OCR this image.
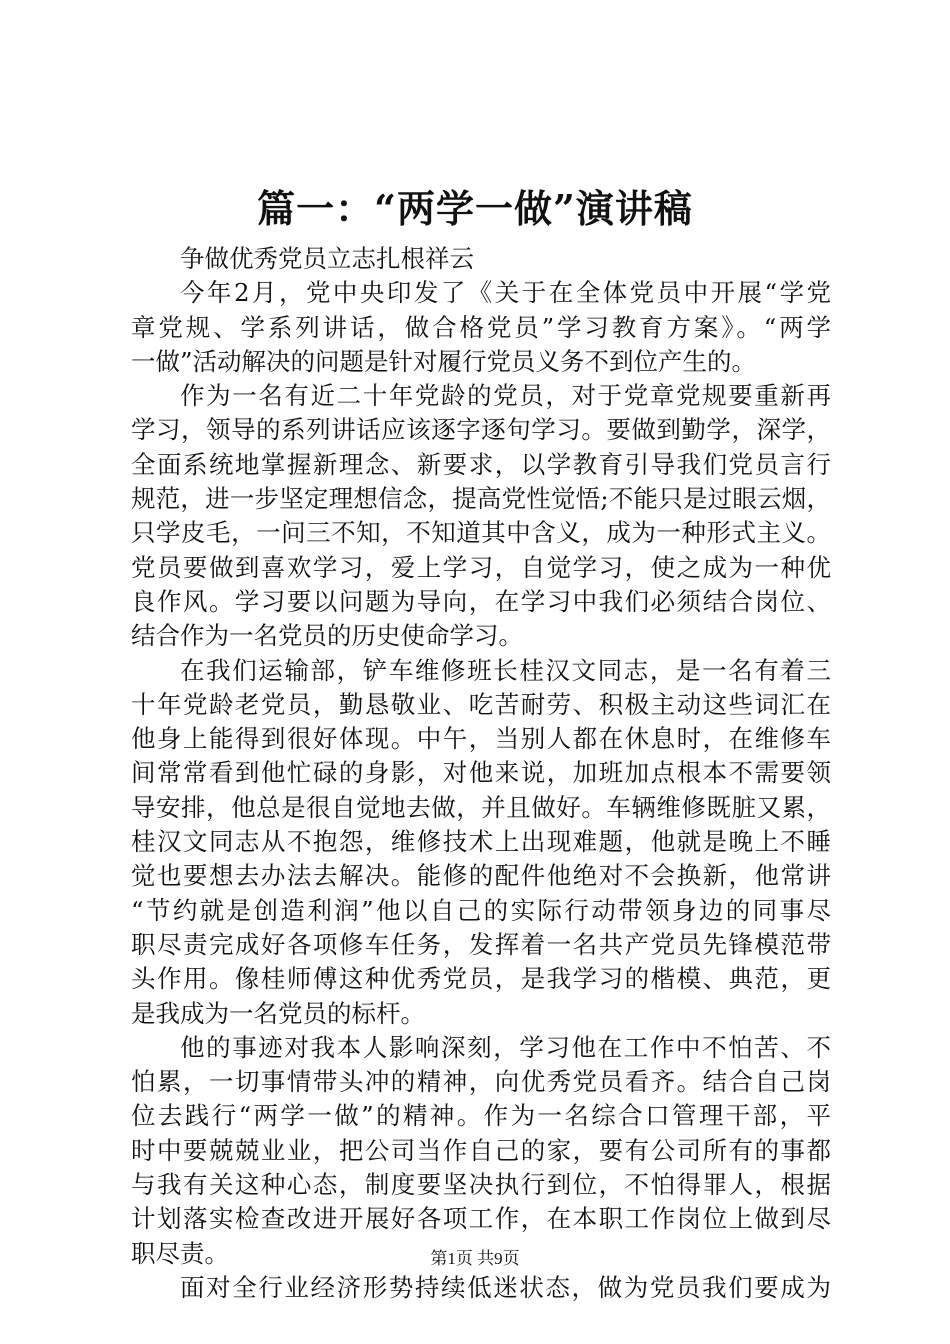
篇一：“两学一做”演讲稿
争做优秀党员立志扎根祥云
今年2月，党中央印发了《关于在全体党员中开展“学党
章党规、学系列讲话，做合格党员”学习教育方案》。“两学
一做”活动解决的问题是针对履行党员义务不到位产生的。
作为一名有近二十年党龄的党员，对于党章党规要重新再
学习，领导的系列讲话应该逐字逐句学习。要做到勤学，深学，
全面系统地掌握新理念、新要求，以学教育引导我们党员言行
规范，进一步坚定理想信念，提高党性觉悟;不能只是过眼云烟，
只学皮毛，一问三不知，不知道其中含义，成为一种形式主义。
党员要做到喜欢学习，爱上学习，自觉学习，使之成为一种优
良作风。学习要以问题为导向，在学习中我们必须结合岗位、
结合作为一名党员的历史使命学习。
在我们运输部，铲车维修班长桂汉文同志，是一名有着三
十年党龄老党员，勤恳敬业、吃苦耐劳、积极主动这些词汇在
他身上能得到很好体现。中午，当别人都在休息时，在维修车
间常常看到他忙碌的身影，对他来说，加班加点根本不需要领
导安排，他总是很自觉地去做，并且做好。车辆维修既脏又累，
桂汉文同志从不抱怨，维修技术上出现难题，他就是晚上不睡
觉也要想去办法去解决。能修的配件他绝对不会换新，他常讲
“节约就是创造利润”他以自己的实际行动带领身边的同事尽
职尽责完成好各项修车任务，发挥着一名共产党员先锋模范带
头作用。像桂师傅这种优秀党员，是我学习的楷模、典范，更
是我成为一名党员的标杆。
他的事迹对我本人影响深刻，学习他在工作中不怕苦、不
怕累，一切事情带头冲的精神，向优秀党员看齐。结合自己岗
位去践行“两学一做”的精神。作为一名综合口管理干部，平
时中要兢兢业业，把公司当作自己的家，要有公司所有的事都
与我有关这种心态，制度要坚决执行到位，不怕得罪人，根据
计划落实检查改进开展好各项工作，在本职工作岗位上做到尽
职尽责。
面对全行业经济形势持续低迷状态，做为党员我们要成为
第1页 共9页
